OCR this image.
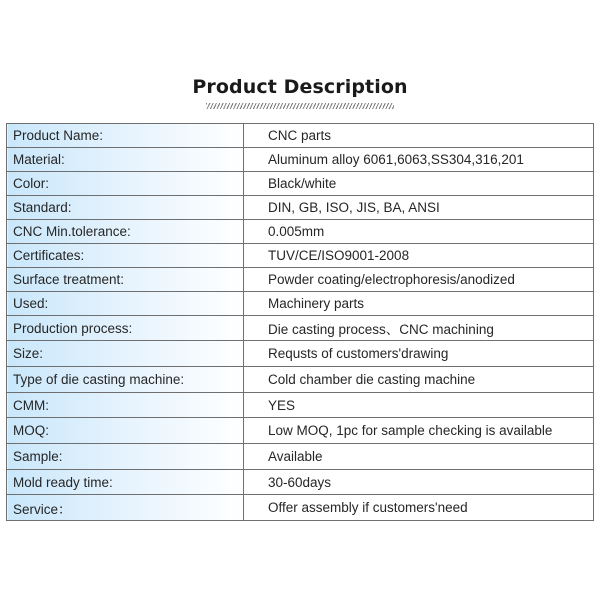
Product Description
Product Name:	CNC parts
Material:	Aluminum alloy 6061,6063,SS304,316,201
Color:	Black/white
Standard:	DIN, GB, ISO, JIS, BA, ANSI
CNC Min.tolerance:	0.005mm
Certificates:	TUV/CE/ISO9001-2008
Surface treatment:	Powder coating/electrophoresis/anodized
Used:	Machinery parts
Production process:	Die casting process、CNC machining
Size:	Requsts of customers'drawing
Type of die casting machine:	Cold chamber die casting machine
CMM:	YES
MOQ:	Low MOQ, 1pc for sample checking is available
Sample:	Available
Mold ready time:	30-60days
Service：	Offer assembly if customers'need
